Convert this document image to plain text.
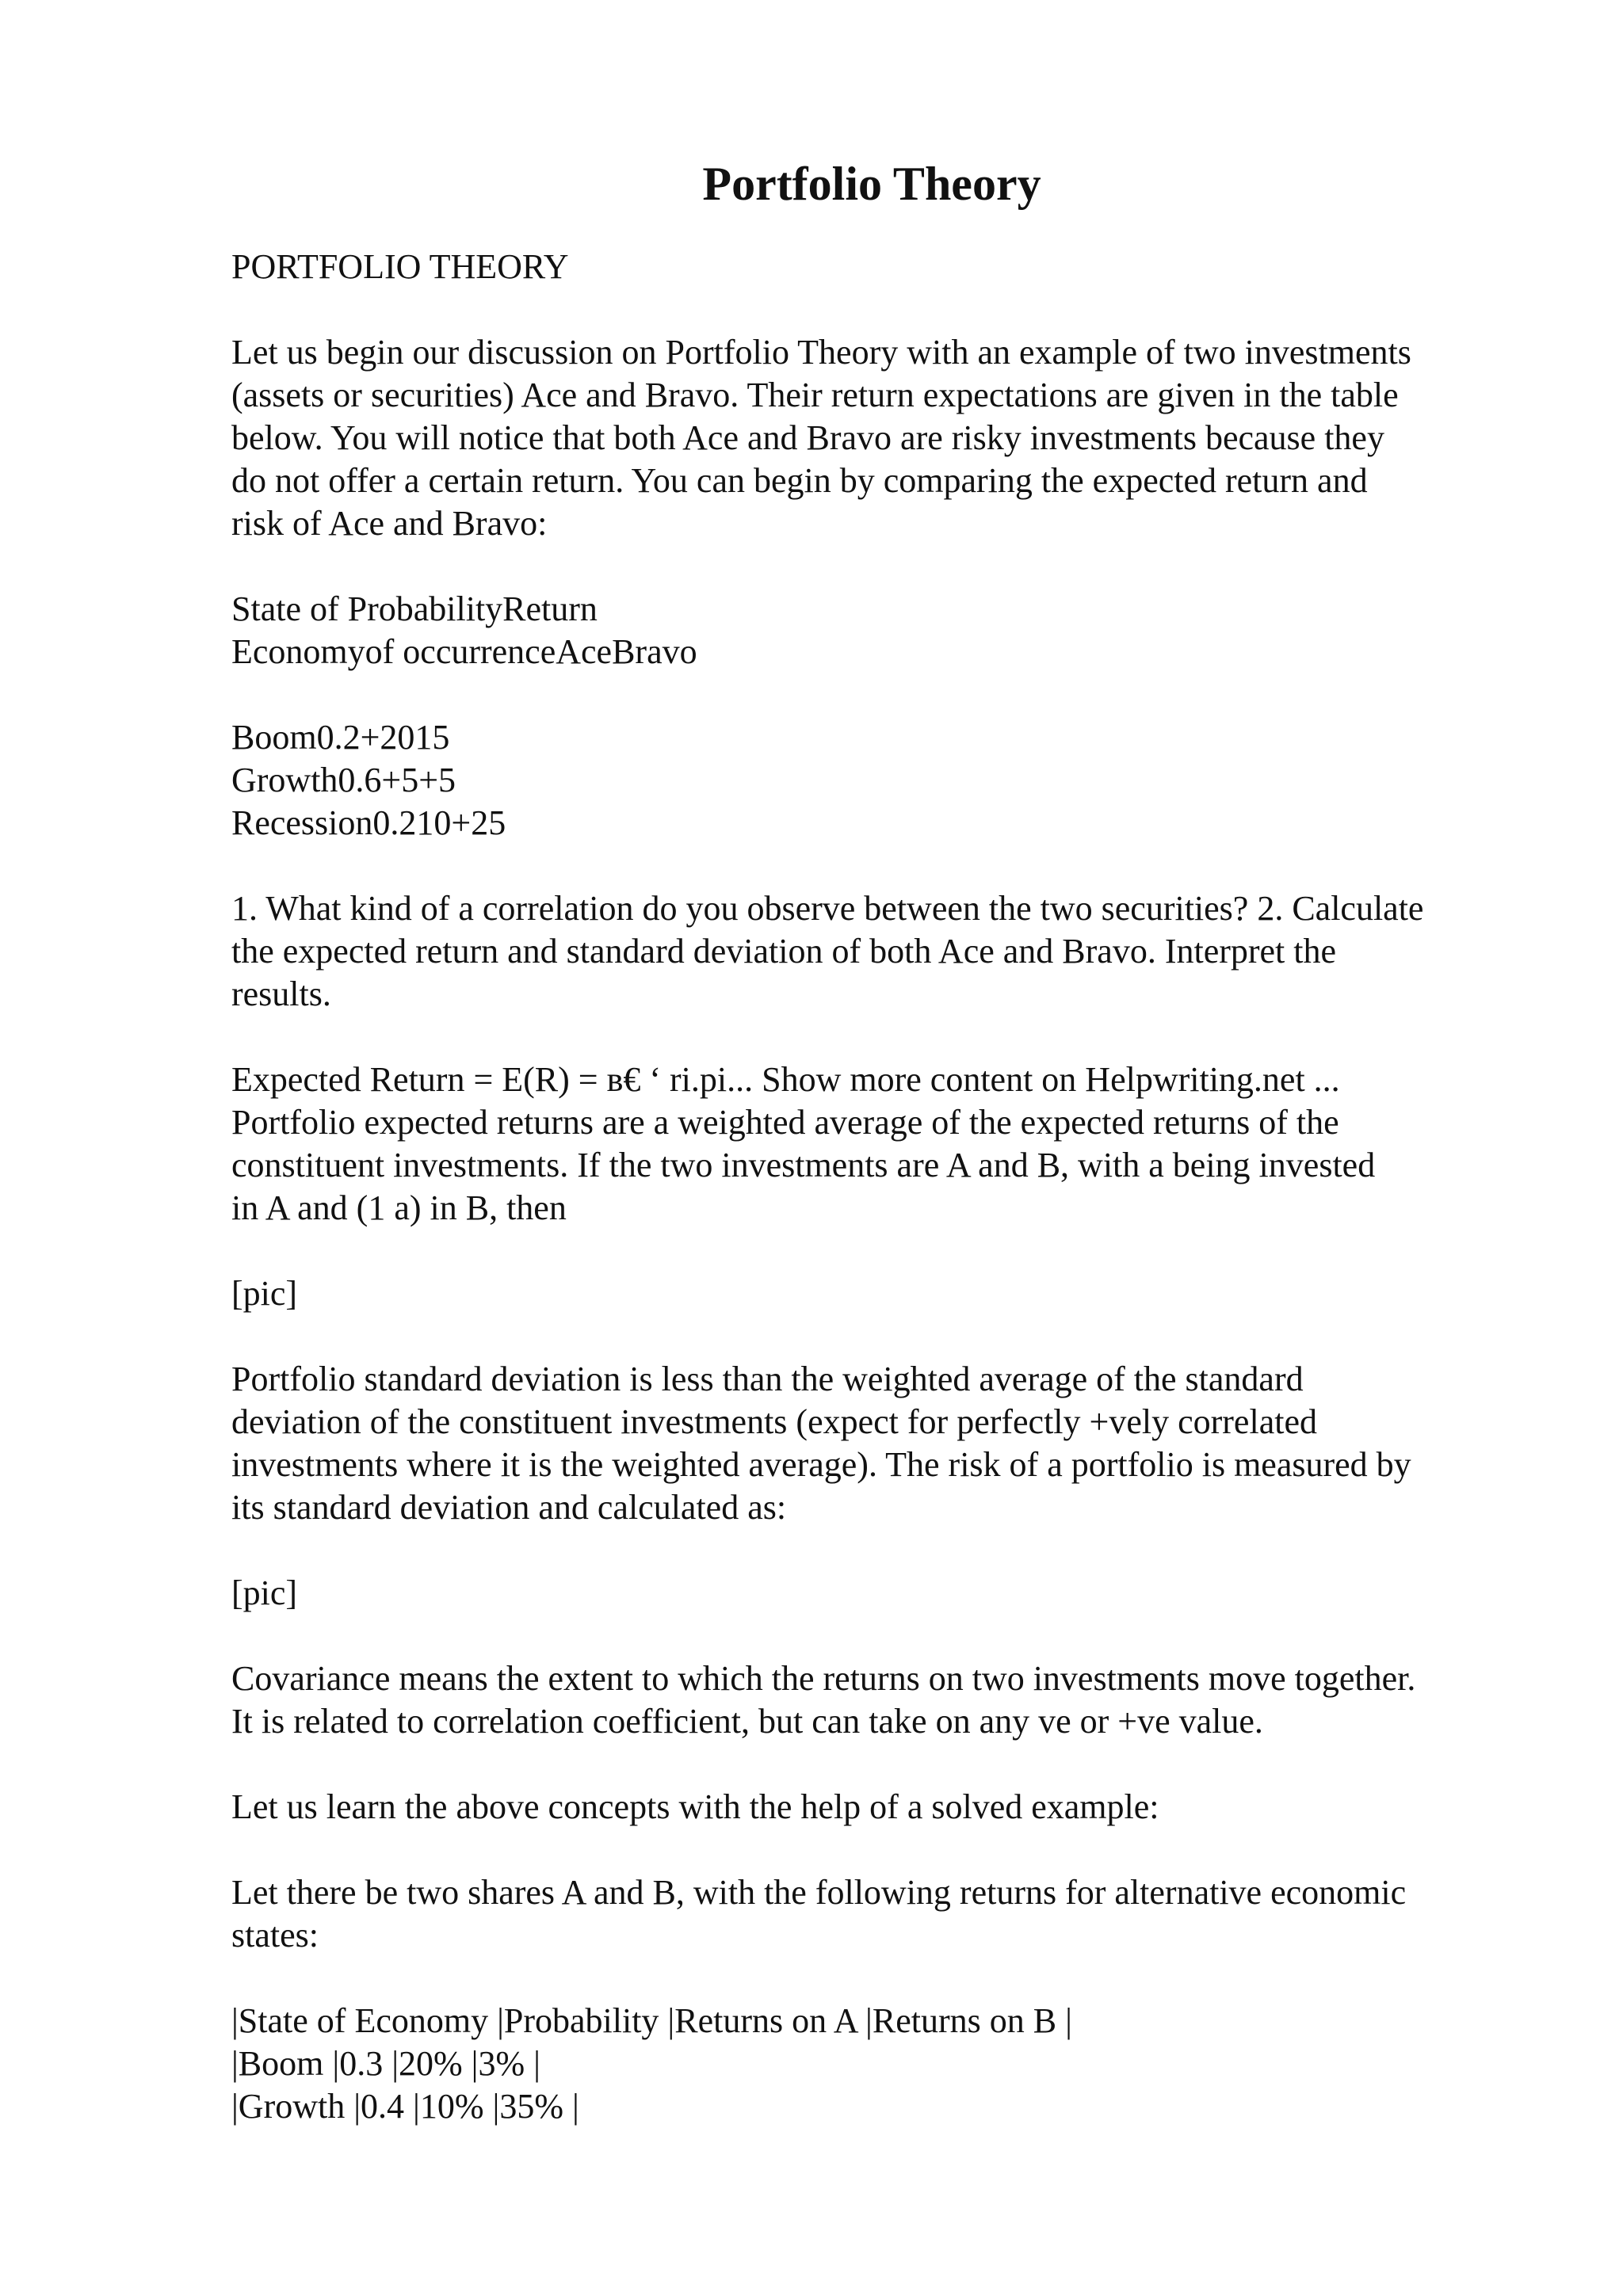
Portfolio Theory

PORTFOLIO THEORY

Let us begin our discussion on Portfolio Theory with an example of two investments
(assets or securities) Ace and Bravo. Their return expectations are given in the table
below. You will notice that both Ace and Bravo are risky investments because they
do not offer a certain return. You can begin by comparing the expected return and
risk of Ace and Bravo:

State of ProbabilityReturn
Economyof occurrenceAceBravo

Boom0.2+2015
Growth0.6+5+5
Recession0.210+25

1. What kind of a correlation do you observe between the two securities? 2. Calculate
the expected return and standard deviation of both Ace and Bravo. Interpret the
results.

Expected Return = E(R) = в€ ‘ ri.pi... Show more content on Helpwriting.net ...
Portfolio expected returns are a weighted average of the expected returns of the
constituent investments. If the two investments are A and B, with a being invested
in A and (1 a) in B, then

[pic]

Portfolio standard deviation is less than the weighted average of the standard
deviation of the constituent investments (expect for perfectly +vely correlated
investments where it is the weighted average). The risk of a portfolio is measured by
its standard deviation and calculated as:

[pic]

Covariance means the extent to which the returns on two investments move together.
It is related to correlation coefficient, but can take on any ve or +ve value.

Let us learn the above concepts with the help of a solved example:

Let there be two shares A and B, with the following returns for alternative economic
states:

|State of Economy |Probability |Returns on A |Returns on B |
|Boom |0.3 |20% |3% |
|Growth |0.4 |10% |35% |
